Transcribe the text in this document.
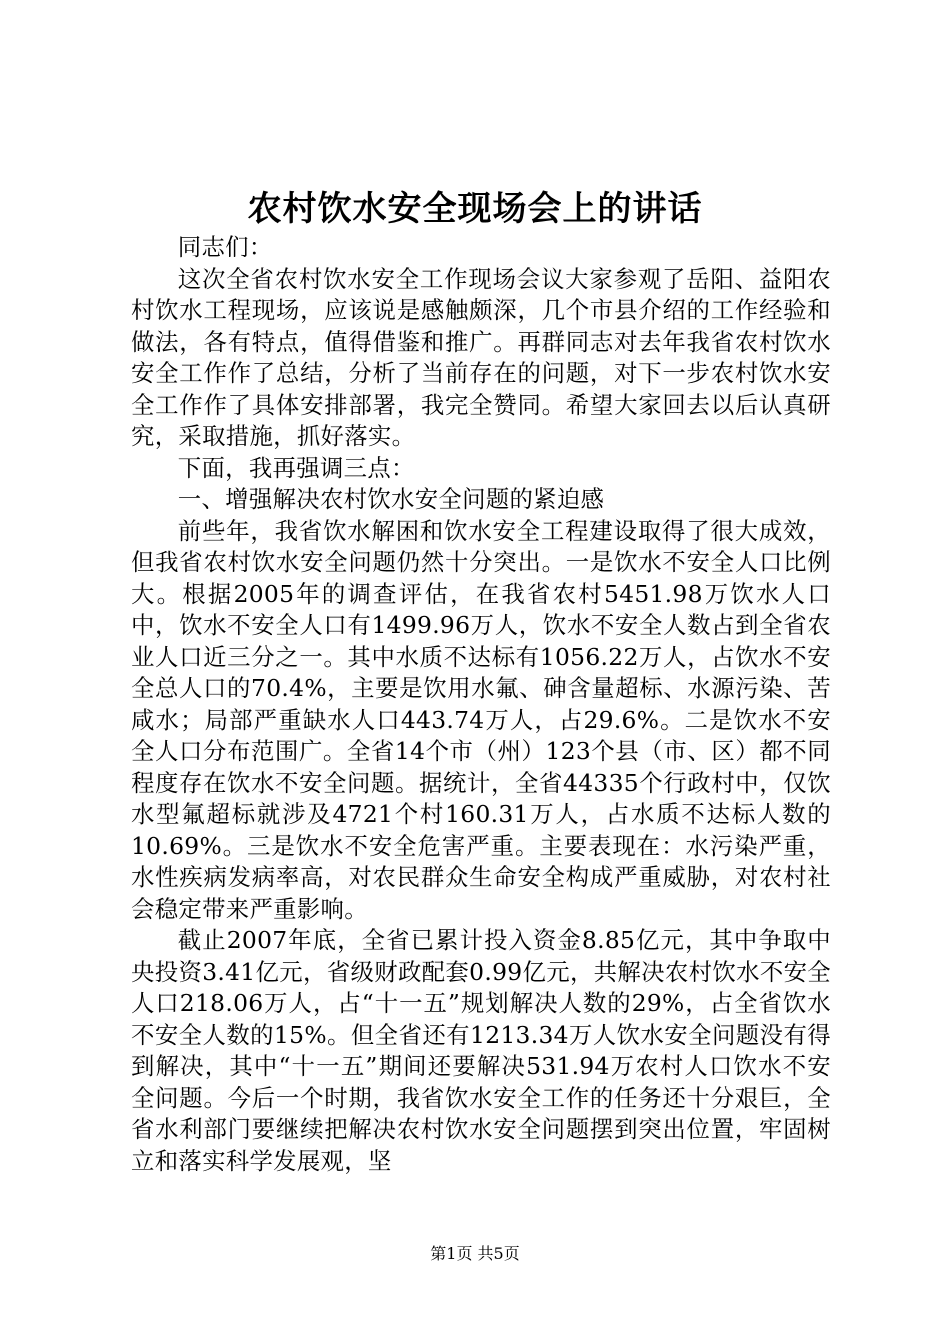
农村饮水安全现场会上的讲话

同志们：

这次全省农村饮水安全工作现场会议大家参观了岳阳、益阳农村饮水工程现场，应该说是感触颇深，几个市县介绍的工作经验和做法，各有特点，值得借鉴和推广。再群同志对去年我省农村饮水安全工作作了总结，分析了当前存在的问题，对下一步农村饮水安全工作作了具体安排部署，我完全赞同。希望大家回去以后认真研究，采取措施，抓好落实。

下面，我再强调三点：

一、增强解决农村饮水安全问题的紧迫感

前些年，我省饮水解困和饮水安全工程建设取得了很大成效，但我省农村饮水安全问题仍然十分突出。一是饮水不安全人口比例大。根据2005年的调查评估，在我省农村5451.98万饮水人口中，饮水不安全人口有1499.96万人，饮水不安全人数占到全省农业人口近三分之一。其中水质不达标有1056.22万人，占饮水不安全总人口的70.4%，主要是饮用水氟、砷含量超标、水源污染、苦咸水；局部严重缺水人口443.74万人，占29.6%。二是饮水不安全人口分布范围广。全省14个市（州）123个县（市、区）都不同程度存在饮水不安全问题。据统计，全省44335个行政村中，仅饮水型氟超标就涉及4721个村160.31万人，占水质不达标人数的10.69%。三是饮水不安全危害严重。主要表现在：水污染严重，水性疾病发病率高，对农民群众生命安全构成严重威胁，对农村社会稳定带来严重影响。

截止2007年底，全省已累计投入资金8.85亿元，其中争取中央投资3.41亿元，省级财政配套0.99亿元，共解决农村饮水不安全人口218.06万人，占“十一五”规划解决人数的29%，占全省饮水不安全人数的15%。但全省还有1213.34万人饮水安全问题没有得到解决，其中“十一五”期间还要解决531.94万农村人口饮水不安全问题。今后一个时期，我省饮水安全工作的任务还十分艰巨，全省水利部门要继续把解决农村饮水安全问题摆到突出位置，牢固树立和落实科学发展观，坚

第1页 共5页
